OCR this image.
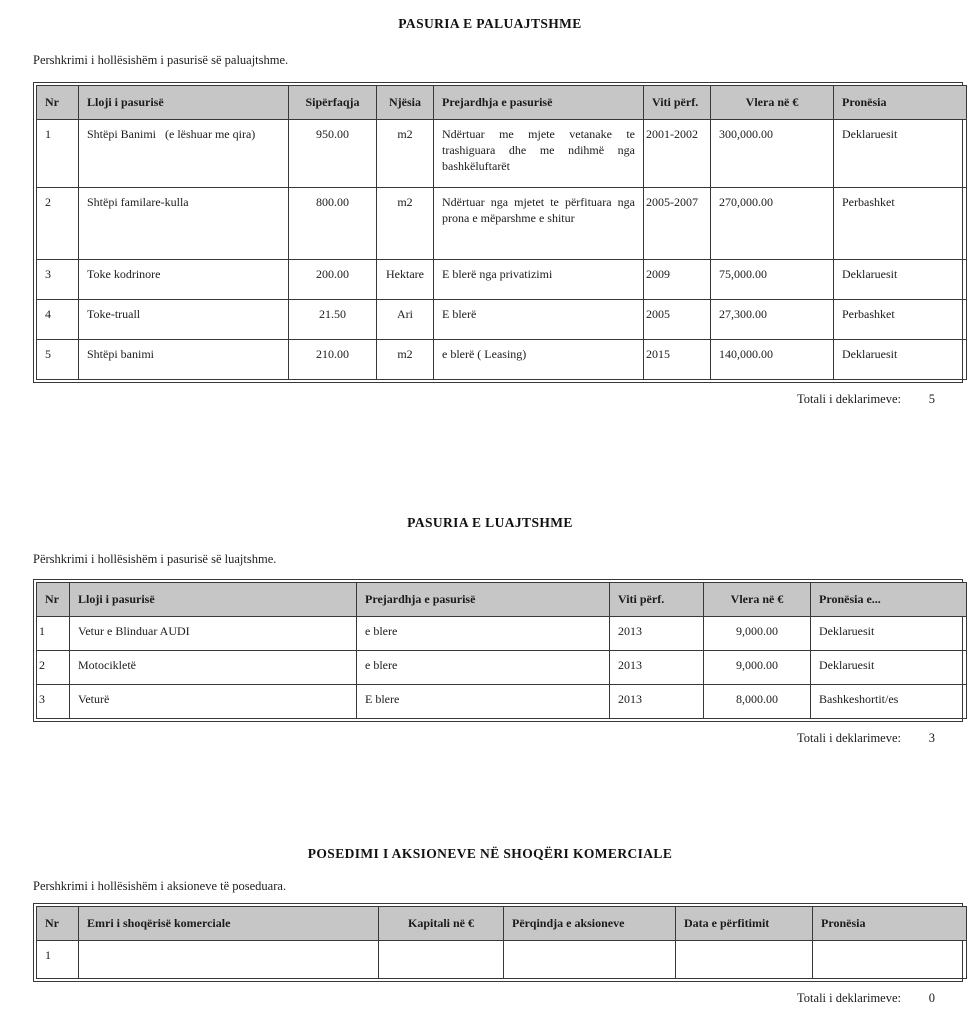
PASURIA E PALUAJTSHME
Pershkrimi i hollësishëm i pasurisë së paluajtshme.
Nr	Lloji i pasurisë	Sipërfaqja	Njësia	Prejardhja e pasurisë	Viti përf.	Vlera në €	Pronësia
1	Shtëpi Banimi   (e lëshuar me qira)	950.00	m2	Ndërtuar me mjete vetanake te trashiguara dhe me ndihmë nga bashkëluftarët	2001-2002	300,000.00	Deklaruesit
2	Shtëpi familare-kulla	800.00	m2	Ndërtuar nga mjetet te përfituara nga prona e mëparshme e shitur	2005-2007	270,000.00	Perbashket
3	Toke kodrinore	200.00	Hektare	E blerë nga privatizimi	2009	75,000.00	Deklaruesit
4	Toke-truall	21.50	Ari	E blerë	2005	27,300.00	Perbashket
5	Shtëpi banimi	210.00	m2	e blerë ( Leasing)	2015	140,000.00	Deklaruesit
Totali i deklarimeve:	5
PASURIA E LUAJTSHME
Përshkrimi i hollësishëm i pasurisë së luajtshme.
Nr	Lloji i pasurisë	Prejardhja e pasurisë	Viti përf.	Vlera në €	Pronësia e...
1	Vetur e Blinduar AUDI	e blere	2013	9,000.00	Deklaruesit
2	Motocikletë	e blere	2013	9,000.00	Deklaruesit
3	Veturë	E blere	2013	8,000.00	Bashkeshortit/es
Totali i deklarimeve:	3
POSEDIMI I AKSIONEVE NË SHOQËRI KOMERCIALE
Pershkrimi i hollësishëm i aksioneve të poseduara.
Nr	Emri i shoqërisë komerciale	Kapitali në €	Përqindja e aksioneve	Data e përfitimit	Pronësia
1					
Totali i deklarimeve:	0
